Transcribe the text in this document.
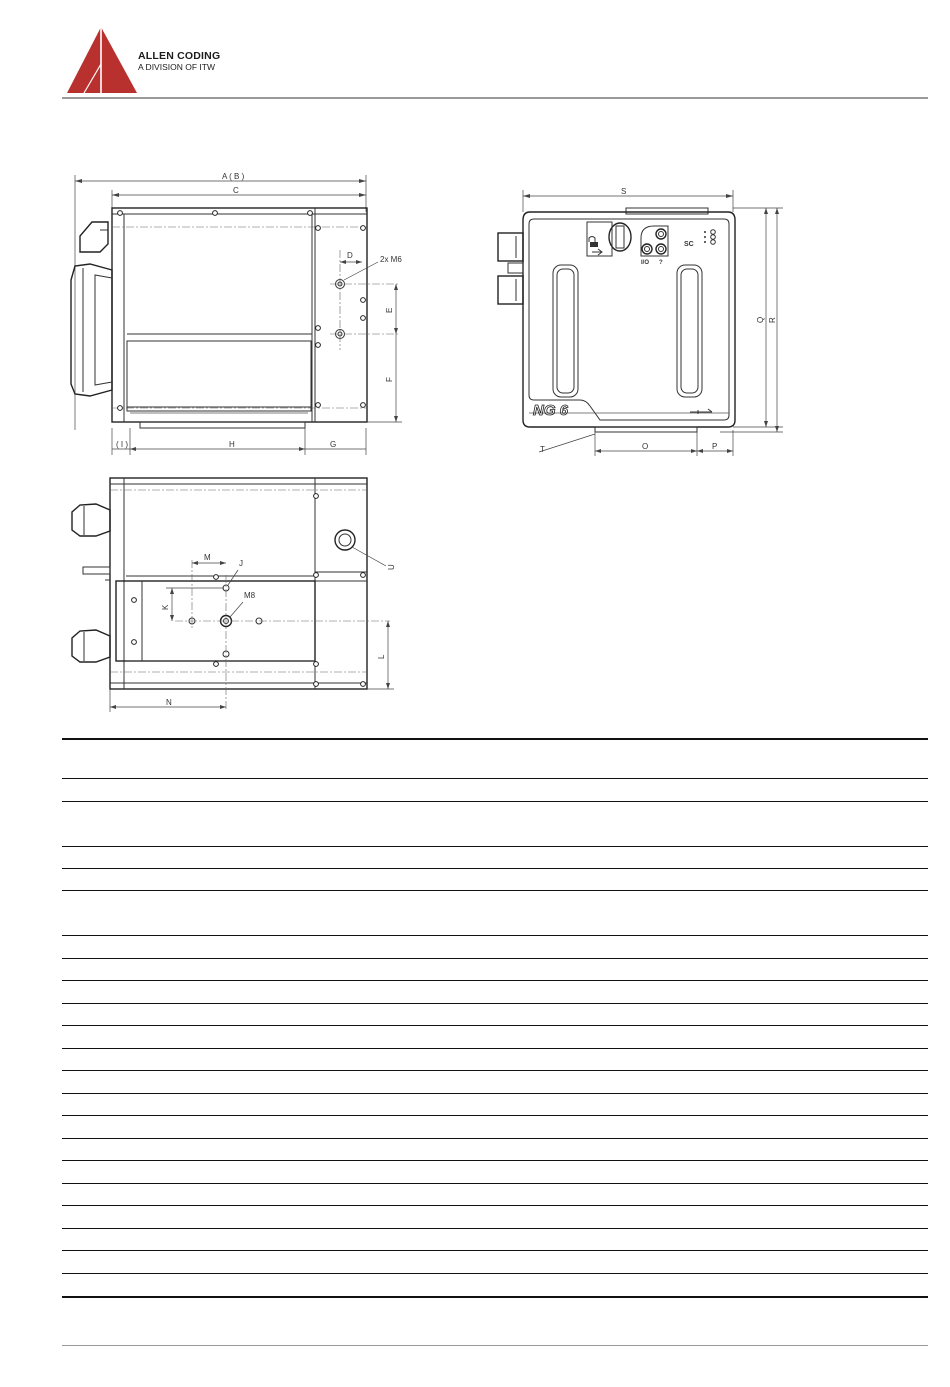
ALLEN CODING
A DIVISION OF ITW
A ( B )
C
D	2x M6
E
F
( I )	H	G
S
I/O ?
SC
NG 6
Q R
O	P
T
M
J
K
M8
U
L
N
